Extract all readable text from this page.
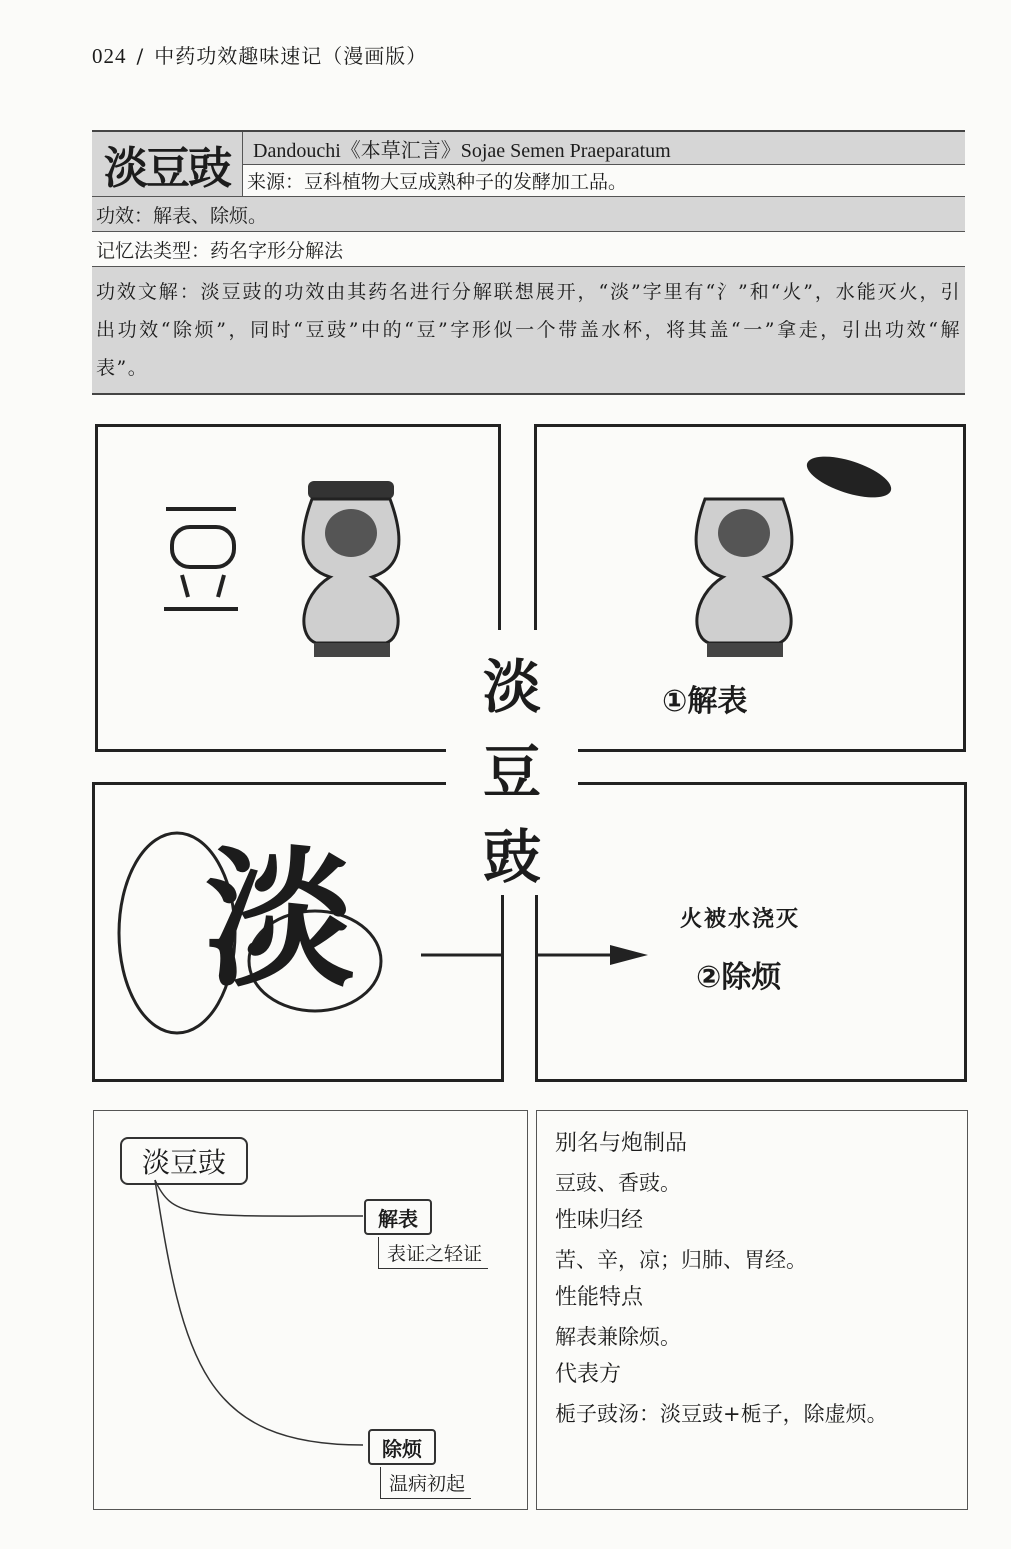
024 / 中药功效趣味速记（漫画版）
淡豆豉	Dandouchi《本草汇言》Sojae Semen Praeparatum
来源：豆科植物大豆成熟种子的发酵加工品。
功效：解表、除烦。
记忆法类型：药名字形分解法
功效文解：淡豆豉的功效由其药名进行分解联想展开，“淡”字里有“氵”和“火”，水能灭火，引出功效“除烦”，同时“豆豉”中的“豆”字形似一个带盖水杯，将其盖“一”拿走，引出功效“解表”。
①解表
淡	火被水浇灭
②除烦
淡
豆
豉
淡豆豉
解表
表证之轻证
除烦
温病初起
别名与炮制品
豆豉、香豉。
性味归经
苦、辛，凉；归肺、胃经。
性能特点
解表兼除烦。
代表方
栀子豉汤：淡豆豉+栀子，除虚烦。
